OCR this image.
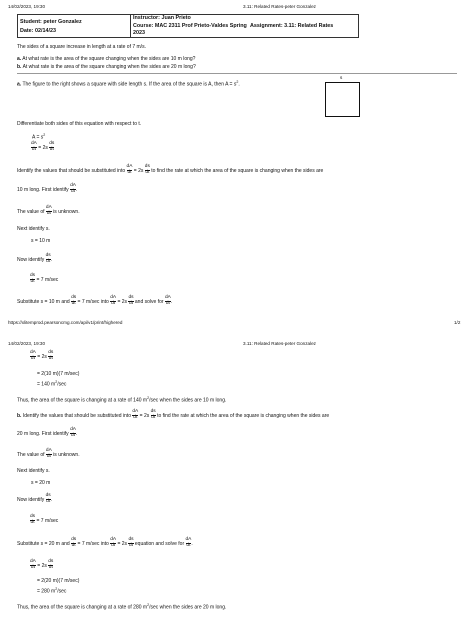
14/02/2023, 19:30	3.11: Related Rates-peter Gonzalez
Student: peter Gonzalez
Date: 02/14/23
Instructor: Juan Prieto
Course: MAC 2311 Prof Prieto-Valdes Spring
2023
Assignment: 3.11: Related Rates
The sides of a square increase in length at a rate of 7 m/s.
a. At what rate is the area of the square changing when the sides are 10 m long?
b. At what rate is the area of the square changing when the sides are 20 m long?
a. The figure to the right shows a square with side length s. If the area of the square is A, then $A = s^2$.
s
Differentiate both sides of this equation with respect to t.
$A = s^2$
$\frac{dA}{dt} = 2s \frac{ds}{dt}$
Identify the values that should be substituted into $\frac{dA}{dt} = 2s \frac{ds}{dt}$ to find the rate at which the area of the square is changing when the sides are
10 m long. First identify $\frac{dA}{dt}$ .
The value of $\frac{dA}{dt}$ is unknown.
Next identify s.
s = 10 m
Now identify $\frac{ds}{dt}$ .
$\frac{ds}{dt} = 7$ m/sec
Substitute s = 10 m and $\frac{ds}{dt} = 7$ m/sec into $\frac{dA}{dt} = 2s \frac{ds}{dt}$ and solve for $\frac{dA}{dt}$ .
https://xlitemprod.pearsoncmg.com/api/v1/print/highered	1/2
14/02/2023, 19:30	3.11: Related Rates-peter Gonzalez
$\frac{dA}{dt} = 2s \frac{ds}{dt}$
= 2(10 m)(7 m/sec)
= 140 $m^2/\sec$
Thus, the area of the square is changing at a rate of 140 $m^2/\sec$ when the sides are 10 m long.
b. Identify the values that should be substituted into $\frac{dA}{dt} = 2s \frac{ds}{dt}$ to find the rate at which the area of the square is changing when the sides are
20 m long. First identify $\frac{dA}{dt}$ .
The value of $\frac{dA}{dt}$ is unknown.
Next identify s.
s = 20 m
Now identify $\frac{ds}{dt}$ .
$\frac{ds}{dt} = 7$ m/sec
Substitute s = 20 m and $\frac{ds}{dt} = 7$ m/sec into $\frac{dA}{dt} = 2s \frac{ds}{dt}$ equation and solve for $\frac{dA}{dt}$ .
$\frac{dA}{dt} = 2s \frac{ds}{dt}$
= 2(20 m)(7 m/sec)
= 280 $m^2/\sec$
Thus, the area of the square is changing at a rate of 280 $m^2/\sec$ when the sides are 20 m long.
